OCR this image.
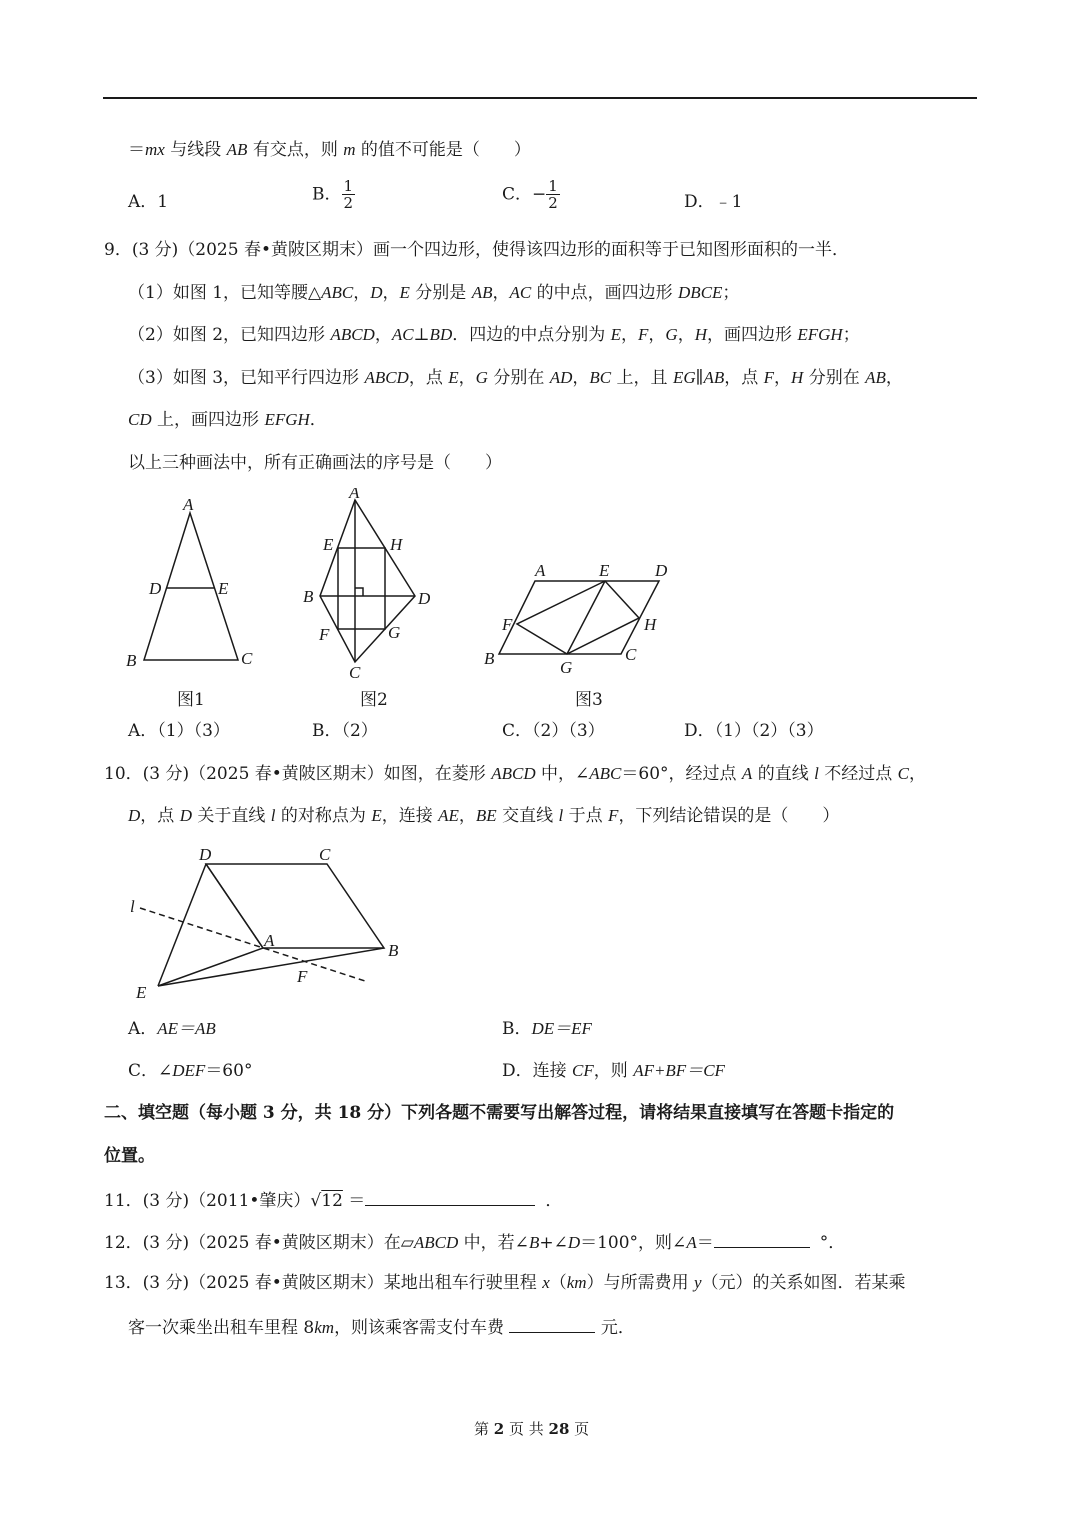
＝mx 与线段 AB 有交点，则 m 的值不可能是（　　）
A．1	B． $\frac{1}{2}$	C．− $\frac{1}{2}$	D．﹣1
9．(3 分)（2025 春•黄陂区期末）画一个四边形，使得该四边形的面积等于已知图形面积的一半．
（1）如图 1，已知等腰△ABC，D，E 分别是 AB，AC 的中点，画四边形 DBCE；
（2）如图 2，已知四边形 ABCD，AC⊥BD．四边的中点分别为 E，F，G，H，画四边形 EFGH；
（3）如图 3，已知平行四边形 ABCD，点 E，G 分别在 AD，BC 上，且 EG∥AB，点 F，H 分别在 AB，
CD 上，画四边形 EFGH．
以上三种画法中，所有正确画法的序号是（　　）
A
D	E
B	C
图1
A
E	H
B	D
F	G
C
图2
A	E	D
F	H
B	G
C
图3
A．（1）（3）	B．（2）	C．（2）（3）	D．（1）（2）（3）
10．(3 分)（2025 春•黄陂区期末）如图，在菱形 ABCD 中，∠ABC＝60°，经过点 A 的直线 l 不经过点 C，
D，点 D 关于直线 l 的对称点为 E，连接 AE，BE 交直线 l 于点 F，下列结论错误的是（　　）
D	C
l
A
B
F
E
A．AE＝AB	B．DE＝EF
C．∠DEF＝60°	D．连接 CF，则 AF+BF＝CF
二、填空题（每小题 3 分，共 18 分）下列各题不需要写出解答过程，请将结果直接填写在答题卡指定的
位置。
11．(3 分)（2011•肇庆）√12 ＝	．
12．(3 分)（2025 春•黄陂区期末）在▱ABCD 中，若∠B+∠D＝100°，则∠A＝	°．
13．(3 分)（2025 春•黄陂区期末）某地出租车行驶里程 x（km）与所需费用 y（元）的关系如图．若某乘
客一次乘坐出租车里程 8km，则该乘客需支付车费	元．
第 2 页 共 28 页
